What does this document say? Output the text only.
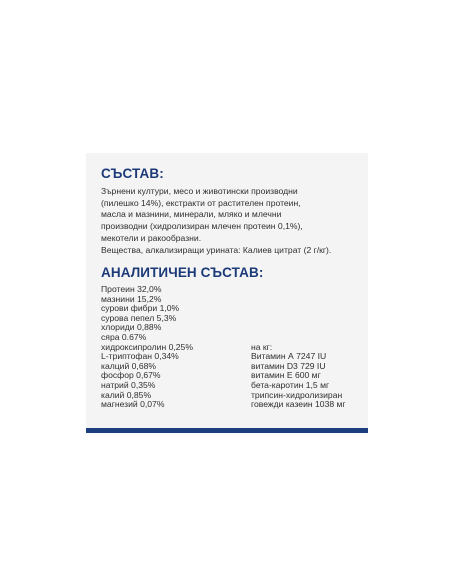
СЪСТАВ:
Зърнени култури, месо и животински производни
(пилешко 14%), екстракти от растителен протеин,
масла и мазнини, минерали, мляко и млечни
производни (хидролизиран млечен протеин 0,1%),
мекотели и ракообразни.
Вещества, алкализиращи урината: Калиев цитрат (2 г/кг).
АНАЛИТИЧЕН СЪСТАВ:
Протеин 32,0%
мазнини 15,2%
сурови фибри 1,0%
сурова пепел 5,3%
хлориди 0,88%
сяра 0.67%
хидроксипролин 0,25%
L-триптофан 0,34%
калций 0,68%
фосфор 0,67%
натрий 0,35%
калий 0,85%
магнезий 0,07%
на кг:
Витамин А 7247 IU
витамин D3 729 IU
витамин Е 600 мг
бета-каротин 1,5 мг
трипсин-хидролизиран
говежди казеин 1038 мг
